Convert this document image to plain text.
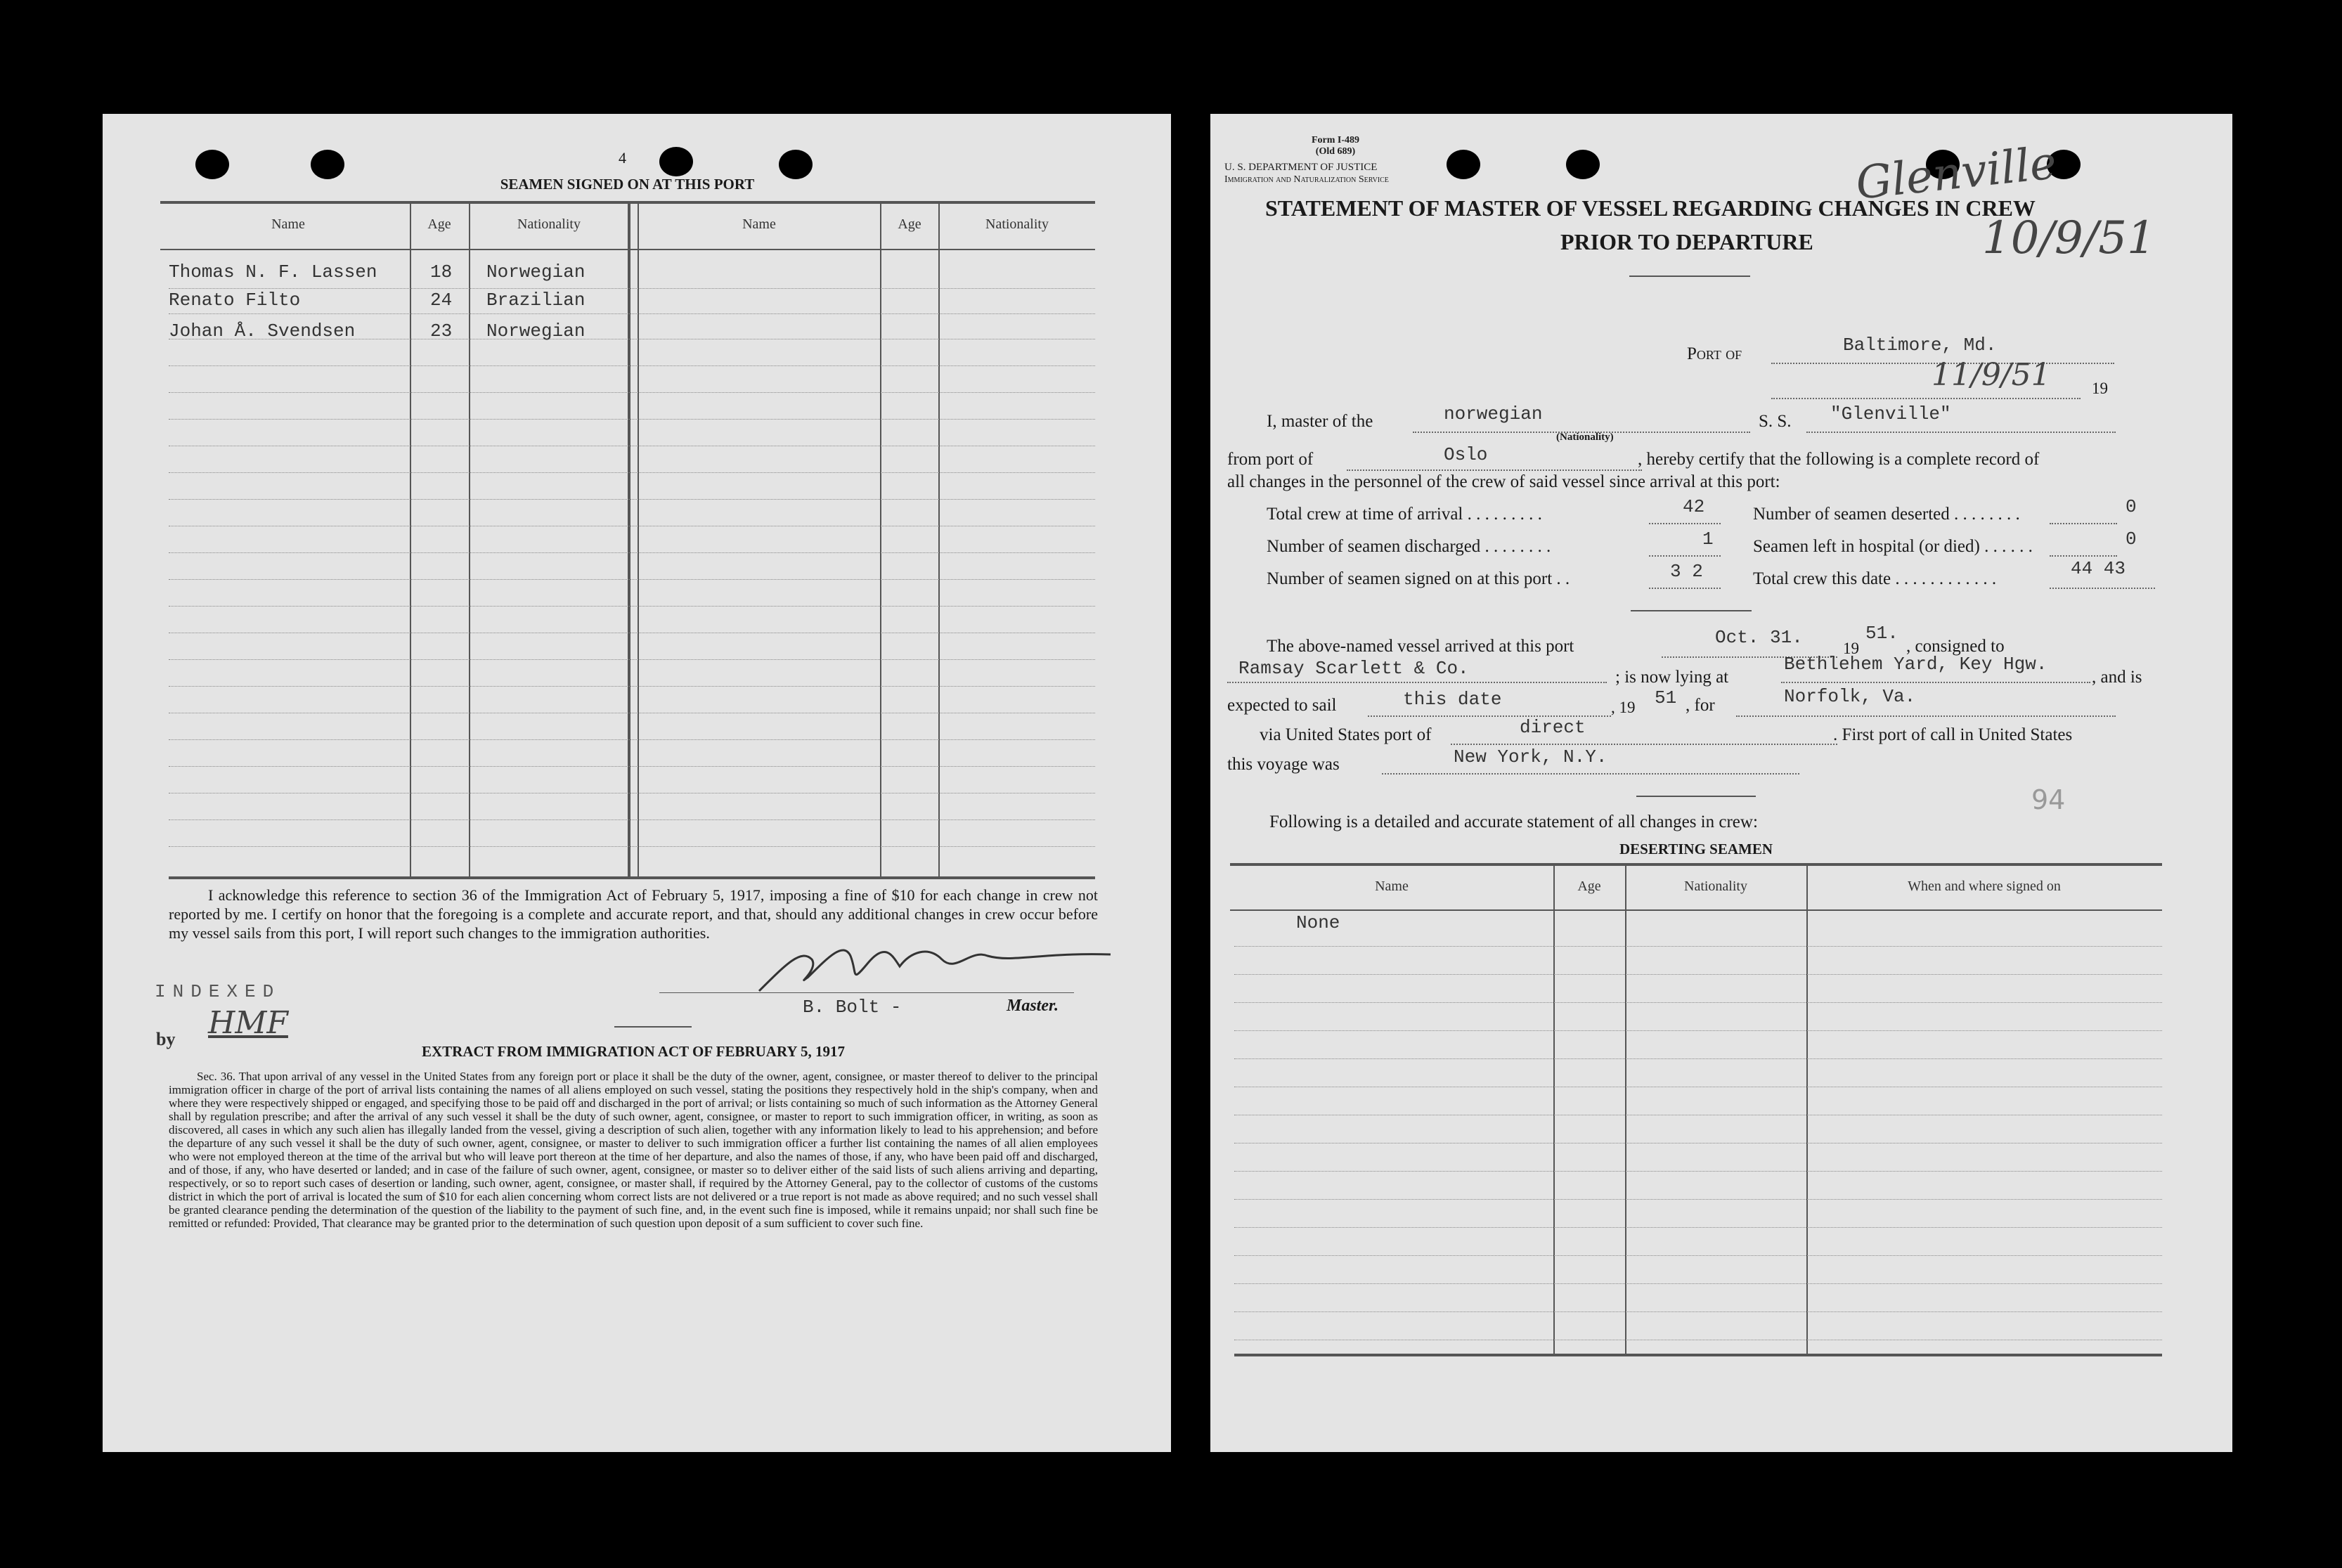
4
SEAMEN SIGNED ON AT THIS PORT
Name	Age	Nationality	Name	Age	Nationality
Thomas N. F. Lassen	18 Norwegian
Renato Filto	24 Brazilian
Johan Å. Svendsen	23 Norwegian
I acknowledge this reference to section 36 of the Immigration Act of February 5, 1917, imposing a fine of $10 for each change in crew not reported by me. I certify on honor that the foregoing is a complete and accurate report, and that, should any additional changes in crew occur before my vessel sails from this port, I will report such changes to the immigration authorities.
INDEXED
by HMF	B. Bolt -	Master.
EXTRACT FROM IMMIGRATION ACT OF FEBRUARY 5, 1917
Sec. 36. That upon arrival of any vessel in the United States from any foreign port or place it shall be the duty of the owner, agent, consignee, or master thereof to deliver to the principal immigration officer in charge of the port of arrival lists containing the names of all aliens employed on such vessel, stating the positions they respectively hold in the ship's company, when and where they were respectively shipped or engaged, and specifying those to be paid off and discharged in the port of arrival; or lists containing so much of such information as the Attorney General shall by regulation prescribe; and after the arrival of any such vessel it shall be the duty of such owner, agent, consignee, or master to report to such immigration officer, in writing, as soon as discovered, all cases in which any such alien has illegally landed from the vessel, giving a description of such alien, together with any information likely to lead to his apprehension; and before the departure of any such vessel it shall be the duty of such owner, agent, consignee, or master to deliver to such immigration officer a further list containing the names of all alien employees who were not employed thereon at the time of the arrival but who will leave port thereon at the time of her departure, and also the names of those, if any, who have been paid off and discharged, and of those, if any, who have deserted or landed; and in case of the failure of such owner, agent, consignee, or master so to deliver either of the said lists of such aliens arriving and departing, respectively, or so to report such cases of desertion or landing, such owner, agent, consignee, or master shall, if required by the Attorney General, pay to the collector of customs of the customs district in which the port of arrival is located the sum of $10 for each alien concerning whom correct lists are not delivered or a true report is not made as above required; and no such vessel shall be granted clearance pending the determination of the question of the liability to the payment of such fine, and, in the event such fine is imposed, while it remains unpaid; nor shall such fine be remitted or refunded: Provided, That clearance may be granted prior to the determination of such question upon deposit of a sum sufficient to cover such fine.
Form I-489
(Old 689)
U. S. DEPARTMENT OF JUSTICE
Immigration and Naturalization Service	Glenville
10/9/51
STATEMENT OF MASTER OF VESSEL REGARDING CHANGES IN CREW
PRIOR TO DEPARTURE
Port of	Baltimore, Md.
11/9/51	19
I, master of the	norwegian
(Nationality)
S. S. "Glenville"
from port of	Oslo	, hereby certify that the following is a complete record of
all changes in the personnel of the crew of said vessel since arrival at this port:
Total crew at time of arrival . . . . . . . . .	42
Number of seamen discharged . . . . . . . .	1
Number of seamen signed on at this port . .	3 2
Number of seamen deserted . . . . . . . .	0
Seamen left in hospital (or died) . . . . . .	0
Total crew this date . . . . . . . . . . . .	44 43
The above-named vessel arrived at this port	Oct. 31.
19
51.
, consigned to
Ramsay Scarlett & Co.	; is now lying at
Bethlehem Yard, Key Hgw.
, and is
expected to sail	this date	, 19 51 , for	Norfolk, Va.
via United States port of	direct	. First port of call in United States
this voyage was	New York, N.Y.
Following is a detailed and accurate statement of all changes in crew:
94
DESERTING SEAMEN
Name	Age	Nationality	When and where signed on
None
